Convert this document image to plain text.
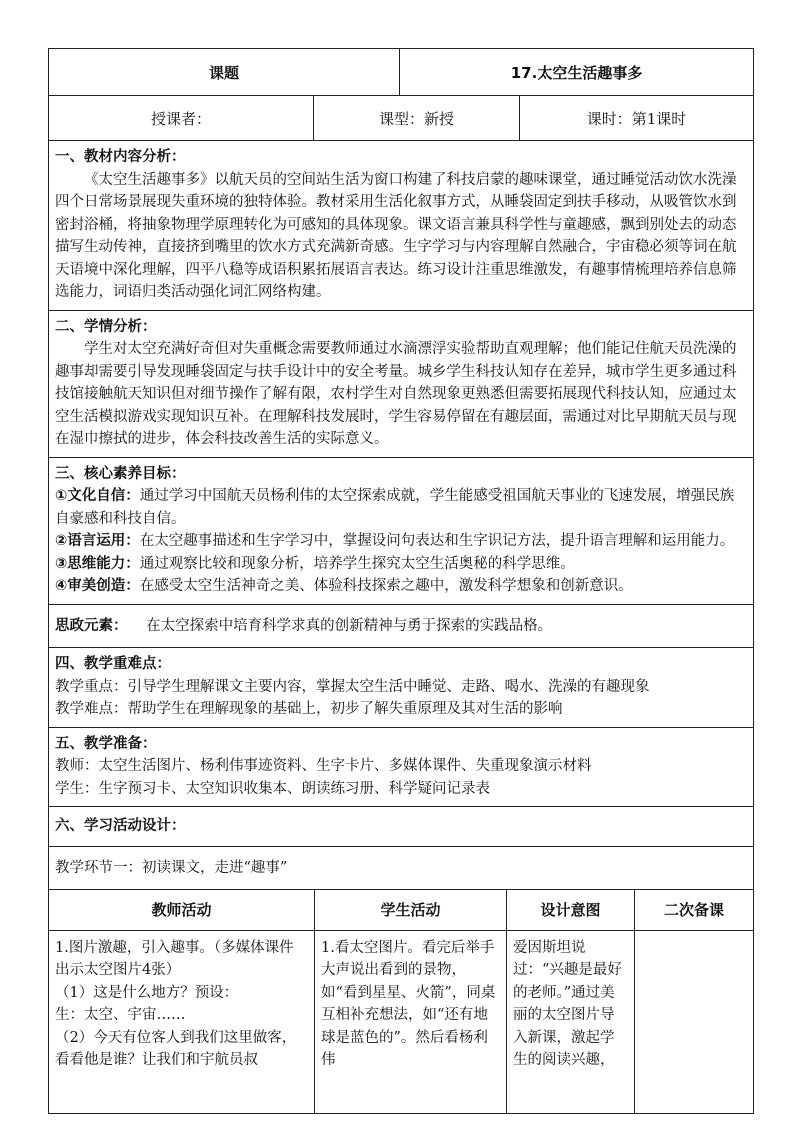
课题		17.太空生活趣事多	
授课者：	课型：新授		课时：第1课时

一、教材内容分析：

《太空生活趣事多》以航天员的空间站生活为窗口构建了科技启蒙的趣味课堂，通过睡觉活动饮水洗澡四个日常场景展现失重环境的独特体验。教材采用生活化叙事方式，从睡袋固定到扶手移动，从吸管饮水到密封浴桶，将抽象物理学原理转化为可感知的具体现象。课文语言兼具科学性与童趣感，飘到别处去的动态描写生动传神，直接挤到嘴里的饮水方式充满新奇感。生字学习与内容理解自然融合，宇宙稳必须等词在航天语境中深化理解，四平八稳等成语积累拓展语言表达。练习设计注重思维激发，有趣事情梳理培养信息筛选能力，词语归类活动强化词汇网络构建。			

二、学情分析：

学生对太空充满好奇但对失重概念需要教师通过水滴漂浮实验帮助直观理解；他们能记住航天员洗澡的趣事却需要引导发现睡袋固定与扶手设计中的安全考量。城乡学生科技认知存在差异，城市学生更多通过科技馆接触航天知识但对细节操作了解有限，农村学生对自然现象更熟悉但需要拓展现代科技认知，应通过太空生活模拟游戏实现知识互补。在理解科技发展时，学生容易停留在有趣层面，需通过对比早期航天员与现在湿巾擦拭的进步，体会科技改善生活的实际意义。			

三、核心素养目标：

①文化自信：通过学习中国航天员杨利伟的太空探索成就，学生能感受祖国航天事业的飞速发展，增强民族自豪感和科技自信。

②语言运用：在太空趣事描述和生字学习中，掌握设问句表达和生字识记方法，提升语言理解和运用能力。

③思维能力：通过观察比较和现象分析，培养学生探究太空生活奥秘的科学思维。

④审美创造：在感受太空生活神奇之美、体验科技探索之趣中，激发科学想象和创新意识。			

思政元素： 在太空探索中培育科学求真的创新精神与勇于探索的实践品格。			

四、教学重难点：

教学重点：引导学生理解课文主要内容，掌握太空生活中睡觉、走路、喝水、洗澡的有趣现象

教学难点：帮助学生在理解现象的基础上，初步了解失重原理及其对生活的影响			

五、教学准备：

教师：太空生活图片、杨利伟事迹资料、生字卡片、多媒体课件、失重现象演示材料

学生：生字预习卡、太空知识收集本、朗读练习册、科学疑问记录表			

六、学习活动设计：			

教学环节一：初读课文，走进“趣事”			
教师活动	学生活动	设计意图	二次备课

1.图片激趣，引入趣事。（多媒体课件出示太空图片4张）

（1）这是什么地方？预设：

生：太空、宇宙……

（2）今天有位客人到我们这里做客，看看他是谁？让我们和宇航员叔	1.看太空图片。看完后举手大声说出看到的景物，如“看到星星、火箭”，同桌互相补充想法，如“还有地球是蓝色的”。然后看杨利伟	爱因斯坦说过：“兴趣是最好的老师。”通过美丽的太空图片导入新课，激起学生的阅读兴趣，	
